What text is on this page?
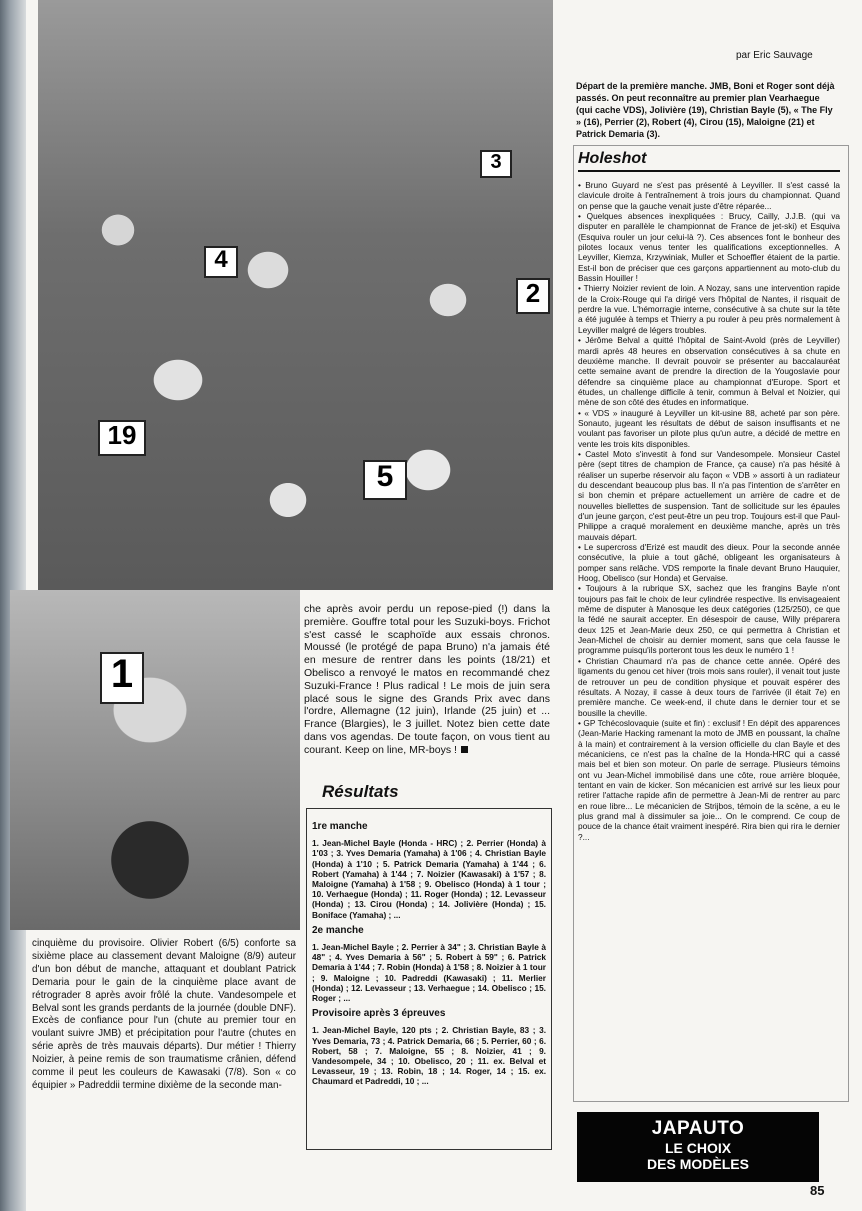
3
4
2
19
5
1
par Eric Sauvage
Départ de la première manche. JMB, Boni et Roger sont déjà passés. On peut reconnaître au premier plan Vearhaegue (qui cache VDS), Jolivière (19), Christian Bayle (5), « The Fly » (16), Perrier (2), Robert (4), Cirou (15), Maloigne (21) et Patrick Demaria (3).
Holeshot

• Bruno Guyard ne s'est pas présenté à Leyviller. Il s'est cassé la clavicule droite à l'entraînement à trois jours du championnat. Quand on pense que la gauche venait juste d'être réparée...

• Quelques absences inexpliquées : Brucy, Cailly, J.J.B. (qui va disputer en parallèle le championnat de France de jet-ski) et Esquiva (Esquiva rouler un jour celui-là ?). Ces absences font le bonheur des pilotes locaux venus tenter les qualifications exceptionnelles. A Leyviller, Kiemza, Krzywiniak, Muller et Schoeffler étaient de la partie. Est-il bon de préciser que ces garçons appartiennent au moto-club du Bassin Houiller !

• Thierry Noizier revient de loin. A Nozay, sans une intervention rapide de la Croix-Rouge qui l'a dirigé vers l'hôpital de Nantes, il risquait de perdre la vue. L'hémorragie interne, consécutive à sa chute sur la tête a été jugulée à temps et Thierry a pu rouler à peu près normalement à Leyviller malgré de légers troubles.

• Jérôme Belval a quitté l'hôpital de Saint-Avold (près de Leyviller) mardi après 48 heures en observation consécutives à sa chute en deuxième manche. Il devrait pouvoir se présenter au baccalauréat cette semaine avant de prendre la direction de la Yougoslavie pour défendre sa cinquième place au championnat d'Europe. Sport et études, un challenge difficile à tenir, commun à Belval et Noizier, qui mène de son côté des études en informatique.

• « VDS » inauguré à Leyviller un kit-usine 88, acheté par son père. Sonauto, jugeant les résultats de début de saison insuffisants et ne voulant pas favoriser un pilote plus qu'un autre, a décidé de mettre en vente les trois kits disponibles.

• Castel Moto s'investit à fond sur Vandesompele. Monsieur Castel père (sept titres de champion de France, ça cause) n'a pas hésité à réaliser un superbe réservoir alu façon « VDB » assorti à un radiateur du descendant beaucoup plus bas. Il n'a pas l'intention de s'arrêter en si bon chemin et prépare actuellement un arrière de cadre et de nouvelles biellettes de suspension. Tant de sollicitude sur les épaules d'un jeune garçon, c'est peut-être un peu trop. Toujours est-il que Paul-Philippe a craqué moralement en deuxième manche, après un très mauvais départ.

• Le supercross d'Erizé est maudit des dieux. Pour la seconde année consécutive, la pluie a tout gâché, obligeant les organisateurs à pomper sans relâche. VDS remporte la finale devant Bruno Hauquier, Hoog, Obelisco (sur Honda) et Gervaise.

• Toujours à la rubrique SX, sachez que les frangins Bayle n'ont toujours pas fait le choix de leur cylindrée respective. Ils envisageaient même de disputer à Manosque les deux catégories (125/250), ce que la fédé ne saurait accepter. En désespoir de cause, Willy préparera deux 125 et Jean-Marie deux 250, ce qui permettra à Christian et Jean-Michel de choisir au dernier moment, sans que cela fausse le programme puisqu'ils porteront tous les deux le numéro 1 !

• Christian Chaumard n'a pas de chance cette année. Opéré des ligaments du genou cet hiver (trois mois sans rouler), il venait tout juste de retrouver un peu de condition physique et pouvait espérer des résultats. A Nozay, il casse à deux tours de l'arrivée (il était 7e) en première manche. Ce week-end, il chute dans le dernier tour et se bousille la cheville.

• GP Tchécoslovaquie (suite et fin) : exclusif ! En dépit des apparences (Jean-Marie Hacking ramenant la moto de JMB en poussant, la chaîne à la main) et contrairement à la version officielle du clan Bayle et des mécaniciens, ce n'est pas la chaîne de la Honda-HRC qui a cassé mais bel et bien son moteur. On parle de serrage. Plusieurs témoins ont vu Jean-Michel immobilisé dans une côte, roue arrière bloquée, tentant en vain de kicker. Son mécanicien est arrivé sur les lieux pour retirer l'attache rapide afin de permettre à Jean-Mi de rentrer au parc en roue libre... Le mécanicien de Strijbos, témoin de la scène, a eu le plus grand mal à dissimuler sa joie... On le comprend. Ce coup de pouce de la chance était vraiment inespéré. Rira bien qui rira le dernier ?...

che après avoir perdu un repose-pied (!) dans la première. Gouffre total pour les Suzuki-boys. Frichot s'est cassé le scaphoïde aux essais chronos. Moussé (le protégé de papa Bruno) n'a jamais été en mesure de rentrer dans les points (18/21) et Obelisco a renvoyé le matos en recommandé chez Suzuki-France ! Plus radical ! Le mois de juin sera placé sous le signe des Grands Prix avec dans l'ordre, Allemagne (12 juin), Irlande (25 juin) et ... France (Blargies), le 3 juillet. Notez bien cette date dans vos agendas. De toute façon, on vous tient au courant. Keep on line, MR-boys !
Résultats
1re manche

1. Jean-Michel Bayle (Honda - HRC) ; 2. Perrier (Honda) à 1'03 ; 3. Yves Demaria (Yamaha) à 1'06 ; 4. Christian Bayle (Honda) à 1'10 ; 5. Patrick Demaria (Yamaha) à 1'44 ; 6. Robert (Yamaha) à 1'44 ; 7. Noizier (Kawasaki) à 1'57 ; 8. Maloigne (Yamaha) à 1'58 ; 9. Obelisco (Honda) à 1 tour ; 10. Verhaegue (Honda) ; 11. Roger (Honda) ; 12. Levasseur (Honda) ; 13. Cirou (Honda) ; 14. Jolivière (Honda) ; 15. Boniface (Yamaha) ; ...

2e manche

1. Jean-Michel Bayle ; 2. Perrier à 34" ; 3. Christian Bayle à 48" ; 4. Yves Demaria à 56" ; 5. Robert à 59" ; 6. Patrick Demaria à 1'44 ; 7. Robin (Honda) à 1'58 ; 8. Noizier à 1 tour ; 9. Maloigne ; 10. Padreddi (Kawasaki) ; 11. Merlier (Honda) ; 12. Levasseur ; 13. Verhaegue ; 14. Obelisco ; 15. Roger ; ...

Provisoire après 3 épreuves

1. Jean-Michel Bayle, 120 pts ; 2. Christian Bayle, 83 ; 3. Yves Demaria, 73 ; 4. Patrick Demaria, 66 ; 5. Perrier, 60 ; 6. Robert, 58 ; 7. Maloigne, 55 ; 8. Noizier, 41 ; 9. Vandesompele, 34 ; 10. Obelisco, 20 ; 11. ex. Belval et Levasseur, 19 ; 13. Robin, 18 ; 14. Roger, 14 ; 15. ex. Chaumard et Padreddi, 10 ; ...

cinquième du provisoire. Olivier Robert (6/5) conforte sa sixième place au classement devant Maloigne (8/9) auteur d'un bon début de manche, attaquant et doublant Patrick Demaria pour le gain de la cinquième place avant de rétrograder 8 après avoir frôlé la chute. Vandesompele et Belval sont les grands perdants de la journée (double DNF). Excès de confiance pour l'un (chute au premier tour en voulant suivre JMB) et précipitation pour l'autre (chutes en série après de très mauvais départs). Dur métier ! Thierry Noizier, à peine remis de son traumatisme crânien, défend comme il peut les couleurs de Kawasaki (7/8). Son « co équipier » Padreddii termine dixième de la seconde man-
JAPAUTO
LE CHOIX
DES MODÈLES
85
